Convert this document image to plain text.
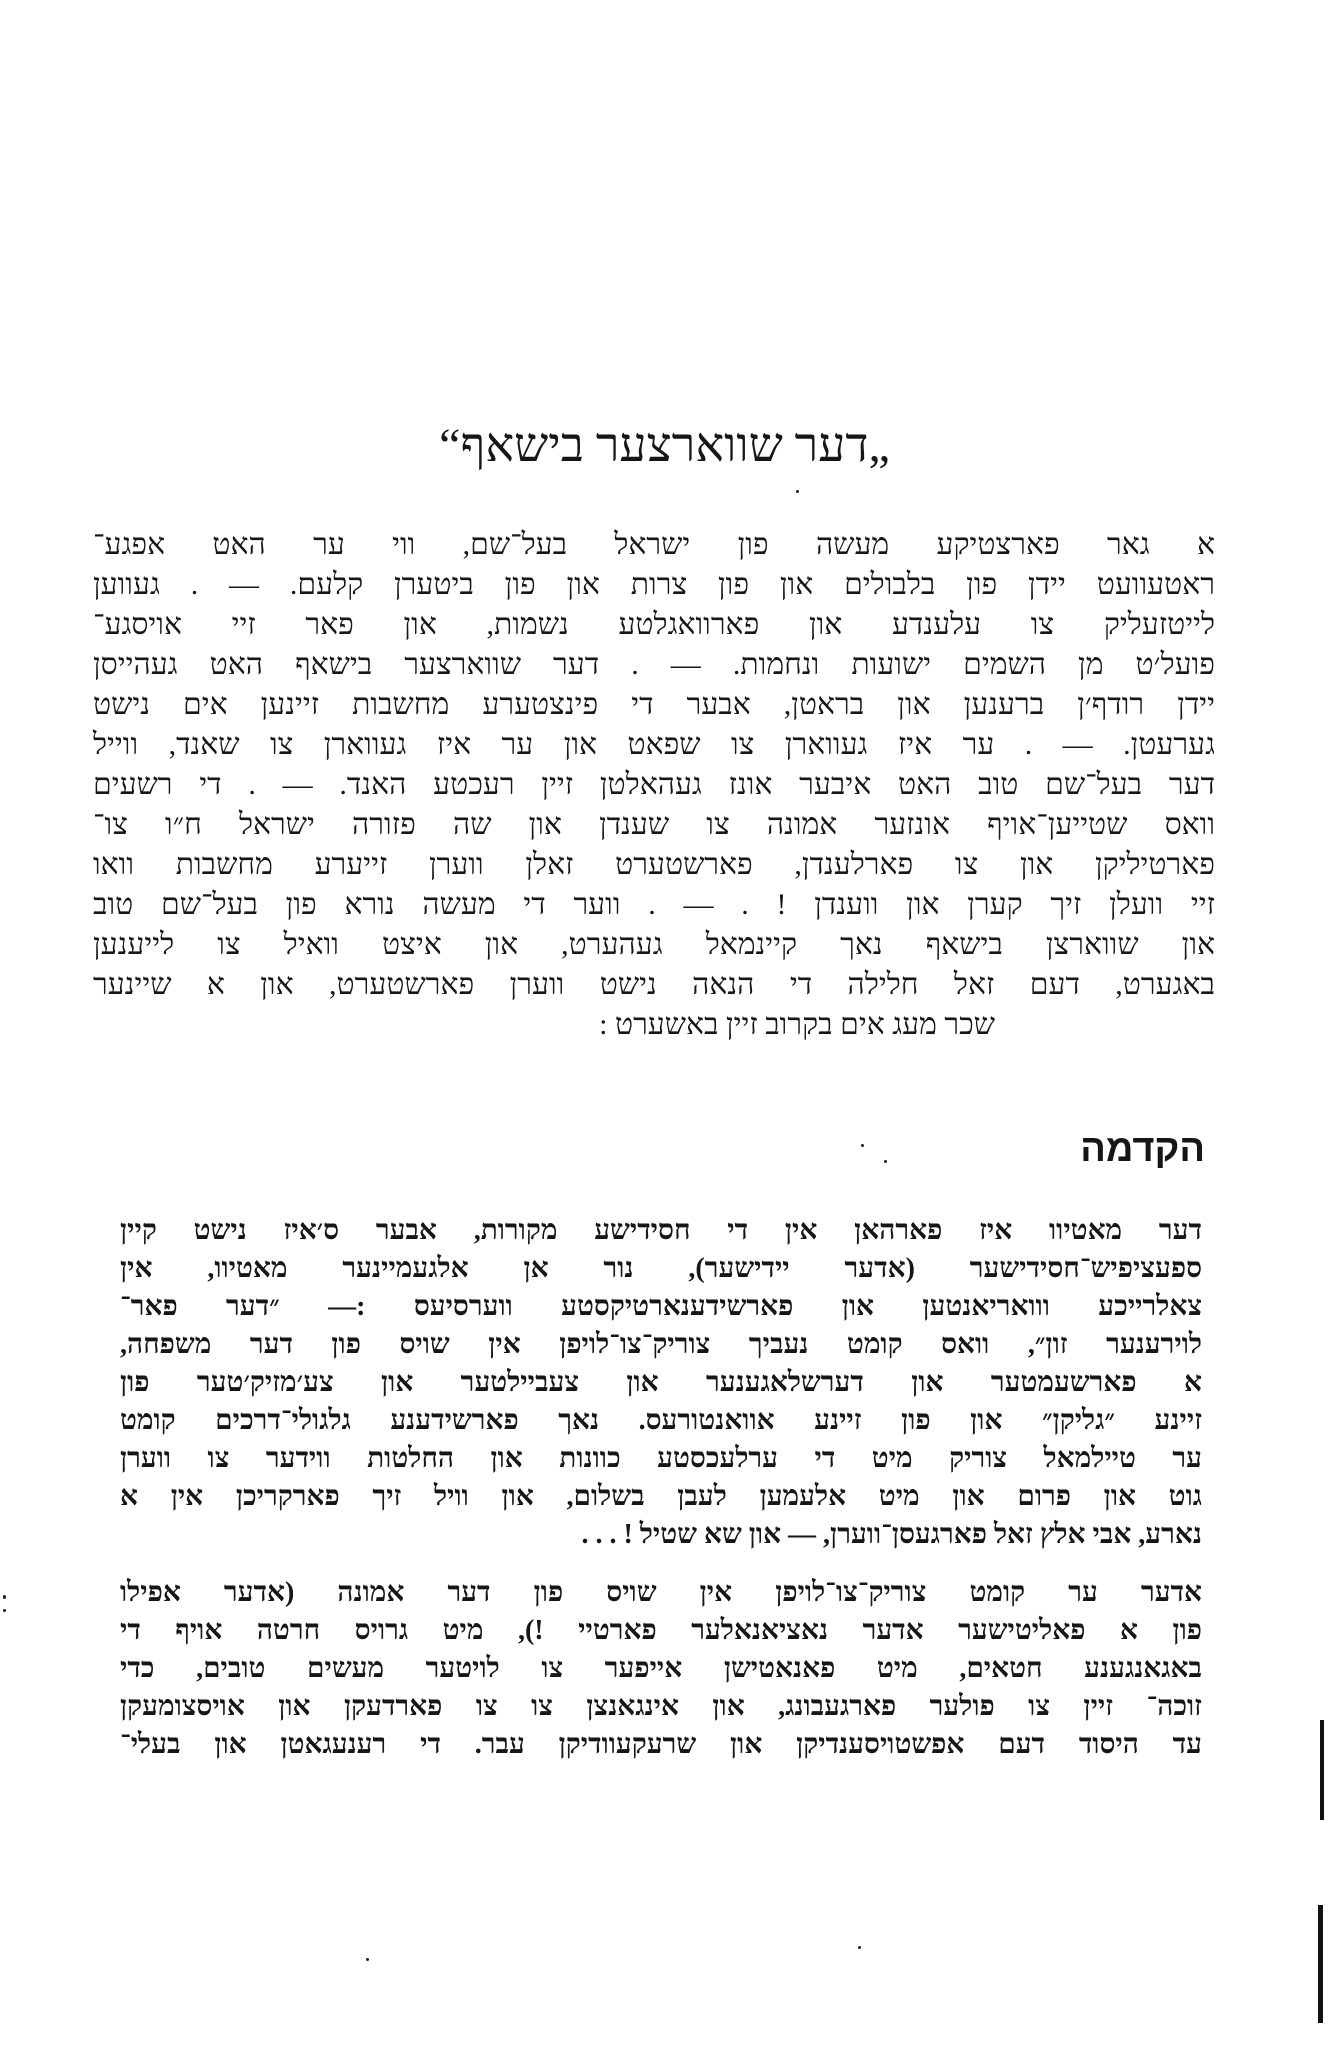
„דער שווארצער בישאף“
א גאר פארצטיקע מעשה פון ישראל בעל־שם, ווי ער האט אפגע־
ראטעוועט יידן פון בלבולים און פון צרות און פון ביטערן קלעם. — . געווען
לייטזעליק צו עלענדע און פארוואגלטע נשמות, און פאר זיי אויסגע־
פועל׳ט מן השמים ישועות ונחמות. — . דער שווארצער בישאף האט געהייסן
יידן רודף׳ן ברענען און בראטן, אבער די פינצטערע מחשבות זיינען אים נישט
גערעטן. — . ער איז געווארן צו שפאט און ער איז געווארן צו שאנד, ווייל
דער בעל־שם טוב האט איבער אונז געהאלטן זיין רעכטע האנד. — . די רשעים
וואס שטייען־אויף אונזער אמונה צו שענדן און שה פזורה ישראל ח״ו צו־
פארטיליקן און צו פארלענדן, פארשטערט זאלן ווערן זייערע מחשבות וואו
זיי וועלן זיך קערן און ווענדן ! . — . ווער די מעשה נורא פון בעל־שם טוב
און שווארצן בישאף נאך קיינמאל געהערט, און איצט וואיל צו לייענען
באגערט, דעם זאל חלילה די הנאה נישט ווערן פארשטערט, און א שיינער
שכר מעג אים בקרוב זיין באשערט :
הקדמה
דער מאטיוו איז פארהאן אין די חסידישע מקורות, אבער ס׳איז נישט קיין
ספעציפיש־חסידישער (אדער יידישער), נור אן אלגעמיינער מאטיוו, אין
צאלרייכע ווואריאנטען און פארשידענארטיקסטע ווערסיעס :— ״דער פאר־
לוירענער זון״, וואס קומט נעביך צוריק־צו־לויפן אין שויס פון דער משפחה,
א פארשעמטער און דערשלאגענער און צעביילטער און צע׳מזיק׳טער פון
זיינע ״גליקן״ און פון זיינע אוואנטורעס. נאך פארשידענע גלגולי־דרכים קומט
ער טיילמאל צוריק מיט די ערלעכסטע כוונות און החלטות ווידער צו ווערן
גוט און פרום און מיט אלעמען לעבן בשלום, און וויל זיך פארקריכן אין א
נארע, אבי אלץ זאל פארגעסן־ווערן, — און שא שטיל ! . . .
אדער ער קומט צוריק־צו־לויפן אין שויס פון דער אמונה (אדער אפילו
פון א פאליטישער אדער נאציאנאלער פארטיי !), מיט גרויס חרטה אויף די
באגאנגענע חטאים, מיט פאנאטישן אייפער צו לויטער מעשים טובים, כדי
זוכה־ זיין צו פולער פארגעבונג, און אינגאנצן צו צו פארדעקן און אויסצומעקן
עד היסוד דעם אפשטויסענדיקן און שרעקעוודיקן עבר. די רענעגאטן און בעלי־
